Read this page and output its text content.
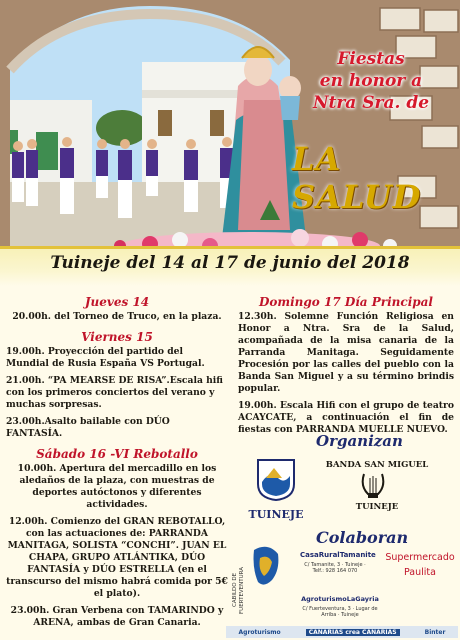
Fiestas
en honor a
Ntra Sra. de
LA SALUD
Tuineje del 14 al 17 de junio del 2018
Jueves 14
20.00h. del Torneo de Truco, en la plaza.
Viernes 15
19.00h. Proyección del partido del Mundial de Rusia España VS Portugal.
21.00h. “PA MEARSE DE RISA”.Escala hifi con los primeros conciertos del verano y muchas sorpresas.
23.00h.Asalto bailable con DÚO FANTASÍA.
Sábado 16 -VI Rebotallo
10.00h. Apertura del mercadillo en los aledaños de la plaza, con muestras de deportes autóctonos y diferentes actividades.
12.00h. Comienzo del GRAN REBOTALLO, con las actuaciones de: PARRANDA MANITAGA, SOLISTA “CONCHI”. JUAN EL CHAPA, GRUPO ATLÁNTIKA, DÚO FANTASÍA y DÚO ESTRELLA (en el transcurso del mismo habrá comida por 5€ el plato).
23.00h. Gran Verbena con TAMARINDO y ARENA, ambas de Gran Canaria.
Domingo 17 Día Principal
12.30h. Solemne Función Religiosa en Honor a Ntra. Sra de la Salud, acompañada de la misa canaria de la Parranda Manitaga. Seguidamente Procesión por las calles del pueblo con la Banda San Miguel y a su término brindis popular.
19.00h. Escala Hifi con el grupo de teatro ACAYCATE, a continuación el fin de fiestas con PARRANDA MUELLE NUEVO.
Organizan
TUINEJE
BANDA SAN MIGUEL
TUINEJE
Colaboran
CABILDO DE FUERTEVENTURA
CasaRuralTamanite
C/ Tamanite, 3 · Tuineje · Telf.: 928 164 070
Supermercado
Paulita
AgroturismoLaGayria
C/ Fuerteventura, 3 · Lugar de Arriba · Tuineje
Agroturismo	CANARIAS crea CANARIAS	Binter
